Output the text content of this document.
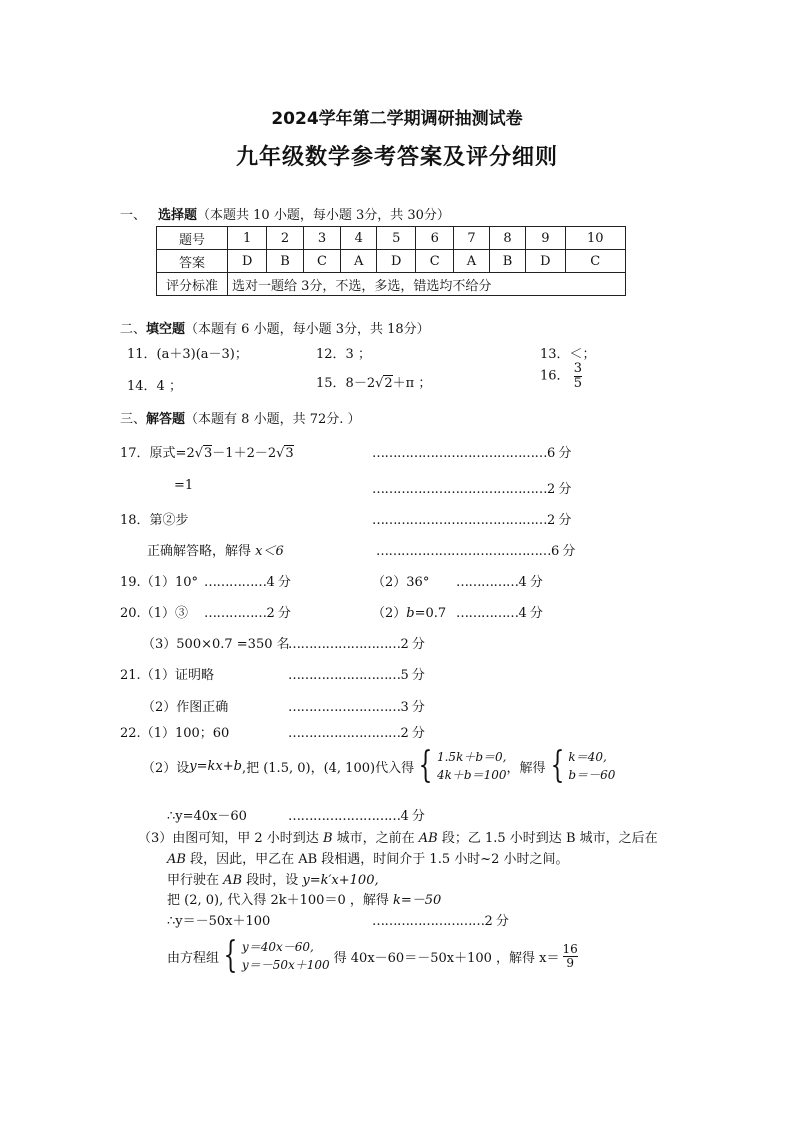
2024学年第二学期调研抽测试卷
九年级数学参考答案及评分细则
一、 选择题（本题共 10 小题，每小题 3分，共 30分）
题号	1	2	3	4	5	6	7	8	9	10
答案	D	B	C	A	D	C	A	B	D	C
评分标准	选对一题给 3分，不选，多选，错选均不给分									
二、填空题（本题有 6 小题，每小题 3分，共 18分）
11．(a＋3)(a－3)；	12．3 ；	13．＜；
14．4 ；	15．8－2√2＋π ；	16． $\frac{3}{5}$
三、解答题（本题有 8 小题，共 72分. ）
17．原式=2√3－1＋2－2√3	……………………………………6 分
=1	……………………………………2 分
18．第②步	……………………………………2 分
正确解答略，解得 x＜6	……………………………………6 分
19.（1）10° ……………4 分	（2）36° ……………4 分
20.（1）③ ……………2 分	（2）b=0.7 ……………4 分
（3）500×0.7 =350 名
………………………2 分
21.（1）证明略	………………………5 分
（2）作图正确	………………………3 分
22.（1）100；60	………………………2 分
（2）设 y=kx+b ,把 (1.5, 0)，(4, 100)代入得 { 1.5k＋b＝0,
4k＋b＝100 ，解得 { k＝40,
b＝－60
∴y=40x－60	………………………4 分
（3）由图可知，甲 2 小时到达 B 城市，之前在 AB 段；乙 1.5 小时到达 B 城市，之后在
AB 段，因此，甲乙在 AB 段相遇，时间介于 1.5 小时~2 小时之间。
甲行驶在 AB 段时，设 y=k′x+100,
把 (2, 0), 代入得 2k＋100＝0 ，解得 k=－50
∴y＝－50x＋100	………………………2 分
由方程组 { y＝40x－60,
y＝－50x＋100 得 40x－60＝－50x＋100 ，解得 $x= \frac{16}{9}$
